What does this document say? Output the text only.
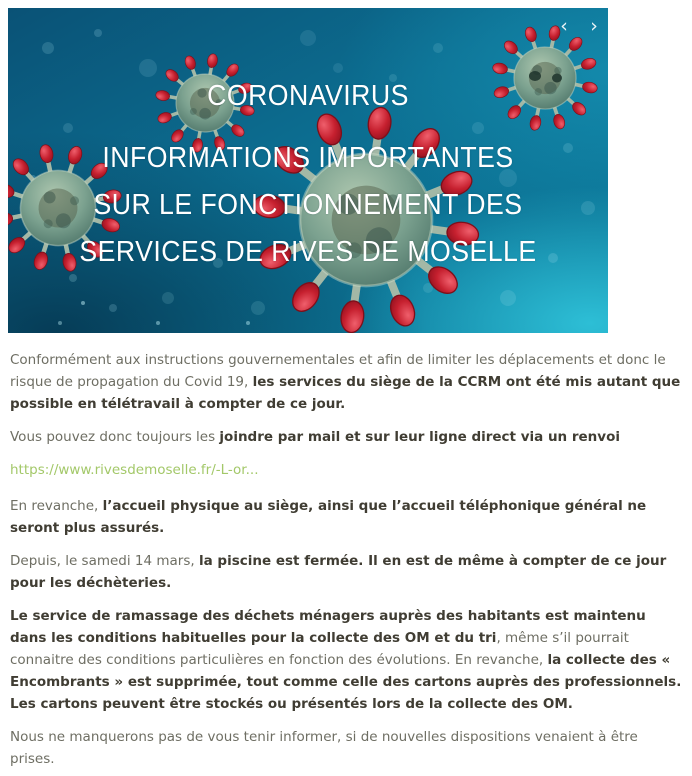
CORONAVIRUS
INFORMATIONS IMPORTANTES
SUR LE FONCTIONNEMENT DES
SERVICES DE RIVES DE MOSELLE
‹	›

Conformément aux instructions gouvernementales et afin de limiter les déplacements et donc le risque de propagation du Covid 19, les services du siège de la CCRM ont été mis autant que possible en télétravail à compter de ce jour.

Vous pouvez donc toujours les joindre par mail et sur leur ligne direct via un renvoi

https://www.rivesdemoselle.fr/-L-or...

En revanche, l’accueil physique au siège, ainsi que l’accueil téléphonique général ne seront plus assurés.

Depuis, le samedi 14 mars, la piscine est fermée. Il en est de même à compter de ce jour pour les déchèteries.

Le service de ramassage des déchets ménagers auprès des habitants est maintenu dans les conditions habituelles pour la collecte des OM et du tri, même s’il pourrait connaitre des conditions particulières en fonction des évolutions. En revanche, la collecte des « Encombrants » est supprimée, tout comme celle des cartons auprès des professionnels. Les cartons peuvent être stockés ou présentés lors de la collecte des OM.

Nous ne manquerons pas de vous tenir informer, si de nouvelles dispositions venaient à être prises.
